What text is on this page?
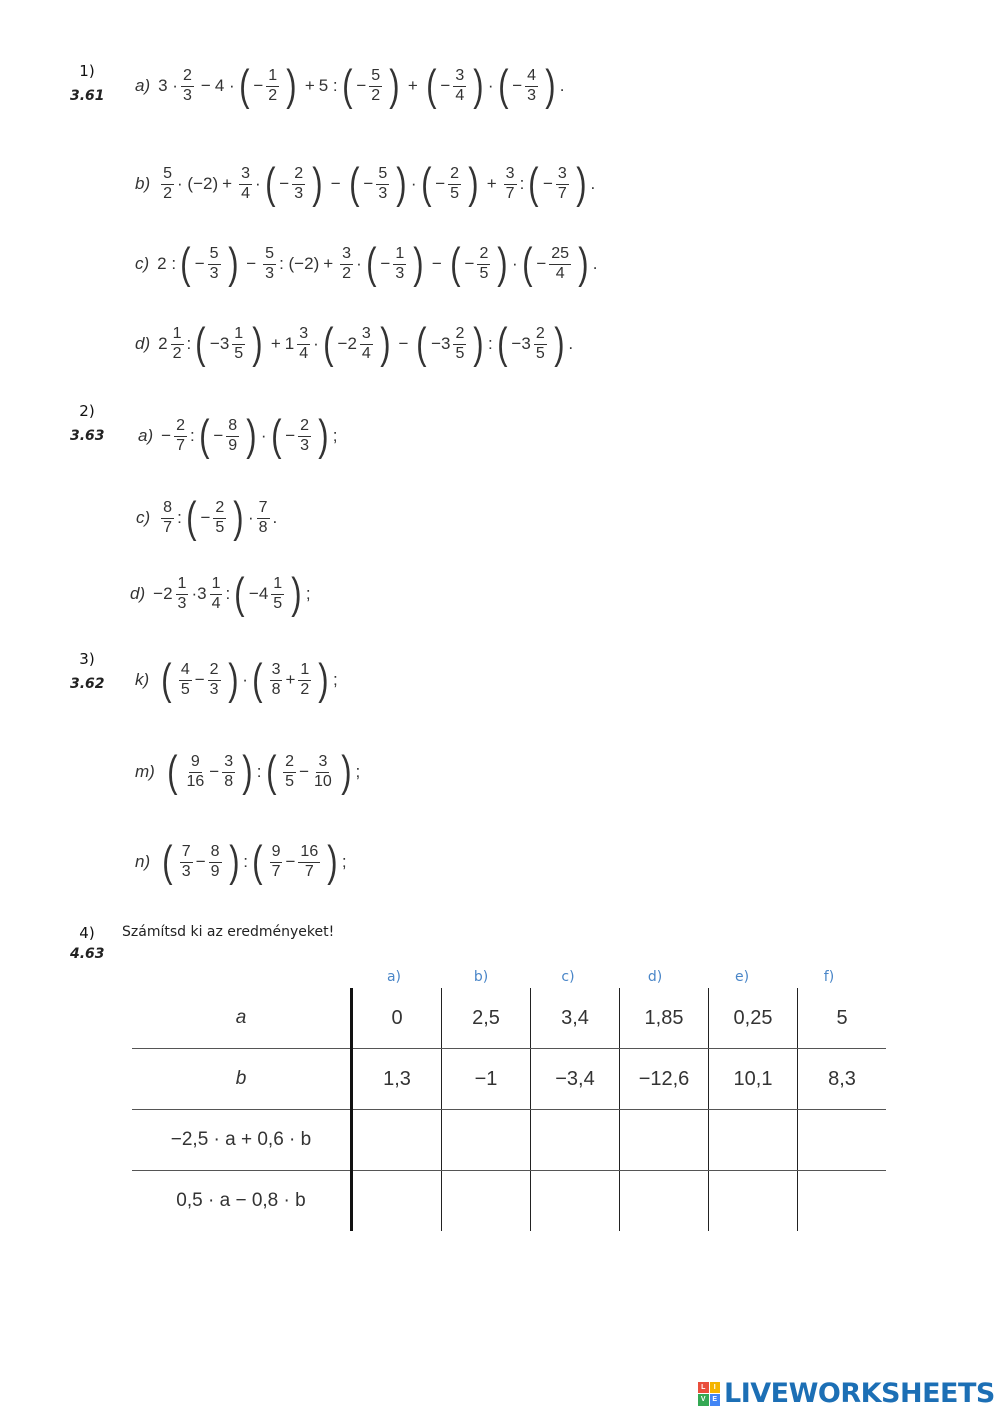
1)
3.61
a) $3 \cdot \frac{2}{3} - 4$ · ( − $\frac{1}{2}$ ) + 5 : ( − $\frac{5}{2}$ ) + ( − $\frac{3}{4}$ ) · ( − $\frac{4}{3}$ ) .
$b) \frac{5}{2} \cdot (-2) + \frac{3}{4}$ · ( − $\frac{2}{3}$ ) − ( − $\frac{5}{3}$ ) · ( − $\frac{2}{5}$ ) + $\frac{3}{7}$ : ( − $\frac{3}{7}$ ) .
c) 2 : ( − $\frac{5}{3}$ ) − $\frac{5}{3}$ : $(-2) + \frac{3}{2}$ · ( − $\frac{1}{3}$ ) − ( − $\frac{2}{5}$ ) · ( − $\frac{25}{4}$ ) .
d) $2 \frac{1}{2}$ : ( − $3 \frac{1}{5}$ ) + $1 \frac{3}{4}$ · ( − $2 \frac{3}{4}$ ) − ( − $3 \frac{2}{5}$ ) : ( − $3 \frac{2}{5}$ ) .
2)
3.63 $a) - \frac{2}{7}$ : ( − $\frac{8}{9}$ ) · ( − $\frac{2}{3}$ ) ;
$c) \frac{8}{7}$ : ( − $\frac{2}{5}$ ) · $\frac{7}{8}$ .
$d) - 2 \frac{1}{3} \cdot 3 \frac{1}{4}$ : ( − $4 \frac{1}{5}$ ) ;
3)
3.62 k) ( $\frac{4}{5} - \frac{2}{3}$ ) · ( $\frac{3}{8} + \frac{1}{2}$ ) ;
m) ( $\frac{9}{16} - \frac{3}{8}$ ) : ( $\frac{2}{5} - \frac{3}{10}$ ) ;
n) ( $\frac{7}{3} - \frac{8}{9}$ ) : ( $\frac{9}{7} - \frac{16}{7}$ ) ;
4)
4.63
Számítsd ki az eredményeket!
a)	b)	c)	d)	e)	f)
a	0	2,5	3,4	1,85	0,25	5
b	1,3	−1	−3,4	−12,6	10,1	8,3
−2,5 · a + 0,6 · b						
0,5 · a − 0,8 · b						
L	I
V E LIVEWORKSHEETS
